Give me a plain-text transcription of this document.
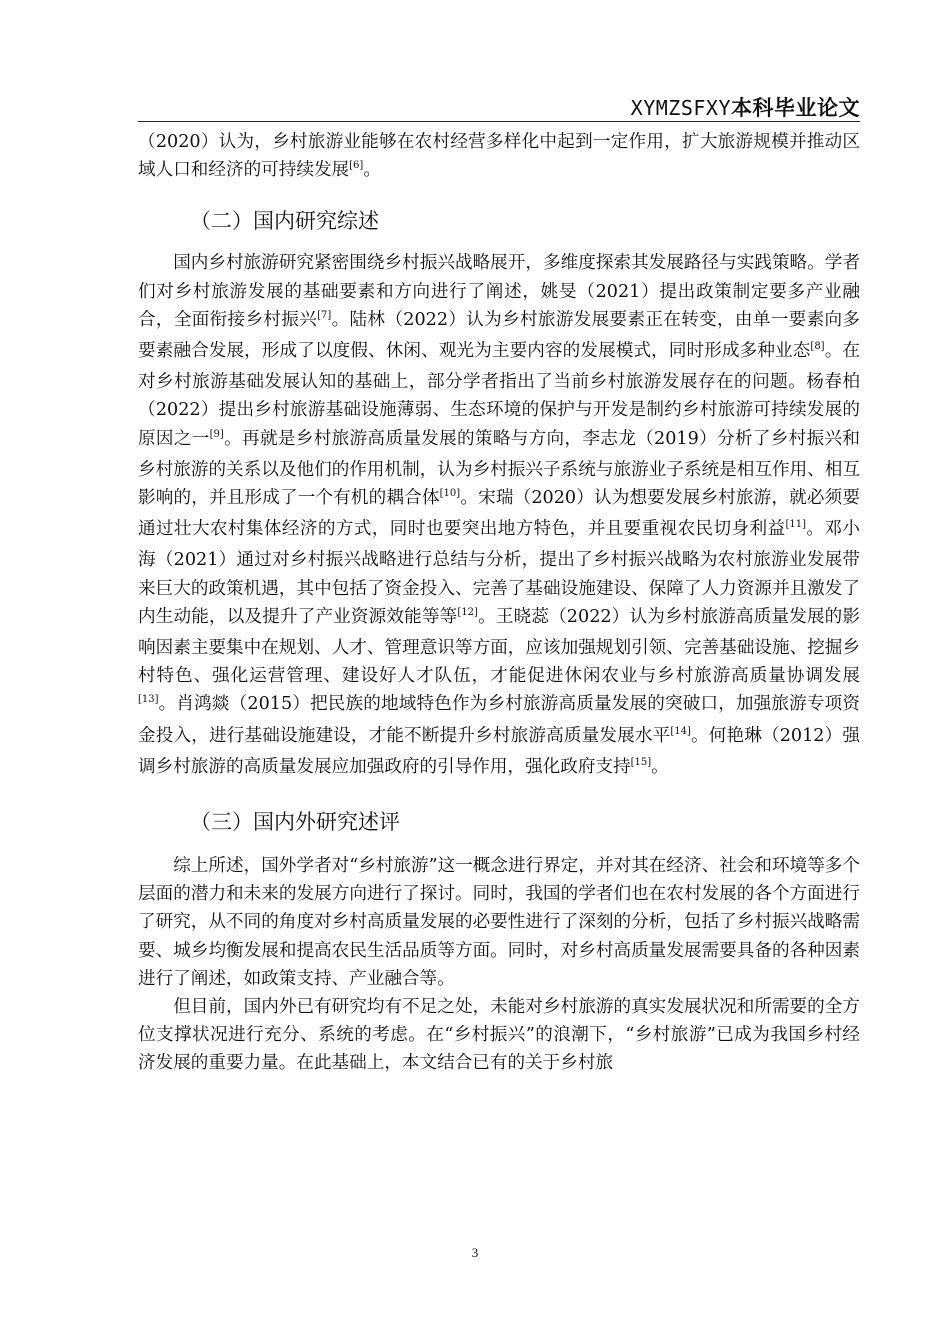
XYMZSFXY本科毕业论文

（2020）认为，乡村旅游业能够在农村经营多样化中起到一定作用，扩大旅游规模并推动区域人口和经济的可持续发展[6]。

（二）国内研究综述

国内乡村旅游研究紧密围绕乡村振兴战略展开，多维度探索其发展路径与实践策略。学者们对乡村旅游发展的基础要素和方向进行了阐述，姚旻（2021）提出政策制定要多产业融合，全面衔接乡村振兴[7]。陆林（2022）认为乡村旅游发展要素正在转变，由单一要素向多要素融合发展，形成了以度假、休闲、观光为主要内容的发展模式，同时形成多种业态[8]。在对乡村旅游基础发展认知的基础上，部分学者指出了当前乡村旅游发展存在的问题。杨春柏（2022）提出乡村旅游基础设施薄弱、生态环境的保护与开发是制约乡村旅游可持续发展的原因之一[9]。再就是乡村旅游高质量发展的策略与方向，李志龙（2019）分析了乡村振兴和乡村旅游的关系以及他们的作用机制，认为乡村振兴子系统与旅游业子系统是相互作用、相互影响的，并且形成了一个有机的耦合体[10]。宋瑞（2020）认为想要发展乡村旅游，就必须要通过壮大农村集体经济的方式，同时也要突出地方特色，并且要重视农民切身利益[11]。邓小海（2021）通过对乡村振兴战略进行总结与分析，提出了乡村振兴战略为农村旅游业发展带来巨大的政策机遇，其中包括了资金投入、完善了基础设施建设、保障了人力资源并且激发了内生动能，以及提升了产业资源效能等等[12]。王晓蕊（2022）认为乡村旅游高质量发展的影响因素主要集中在规划、人才、管理意识等方面，应该加强规划引领、完善基础设施、挖掘乡村特色、强化运营管理、建设好人才队伍，才能促进休闲农业与乡村旅游高质量协调发展[13]。肖鸿燚（2015）把民族的地域特色作为乡村旅游高质量发展的突破口，加强旅游专项资金投入，进行基础设施建设，才能不断提升乡村旅游高质量发展水平[14]。何艳琳（2012）强调乡村旅游的高质量发展应加强政府的引导作用，强化政府支持[15]。

（三）国内外研究述评

综上所述，国外学者对“乡村旅游”这一概念进行界定，并对其在经济、社会和环境等多个层面的潜力和未来的发展方向进行了探讨。同时，我国的学者们也在农村发展的各个方面进行了研究，从不同的角度对乡村高质量发展的必要性进行了深刻的分析，包括了乡村振兴战略需要、城乡均衡发展和提高农民生活品质等方面。同时，对乡村高质量发展需要具备的各种因素进行了阐述，如政策支持、产业融合等。

但目前，国内外已有研究均有不足之处，未能对乡村旅游的真实发展状况和所需要的全方位支撑状况进行充分、系统的考虑。在“乡村振兴”的浪潮下，“乡村旅游”已成为我国乡村经济发展的重要力量。在此基础上，本文结合已有的关于乡村旅

3
